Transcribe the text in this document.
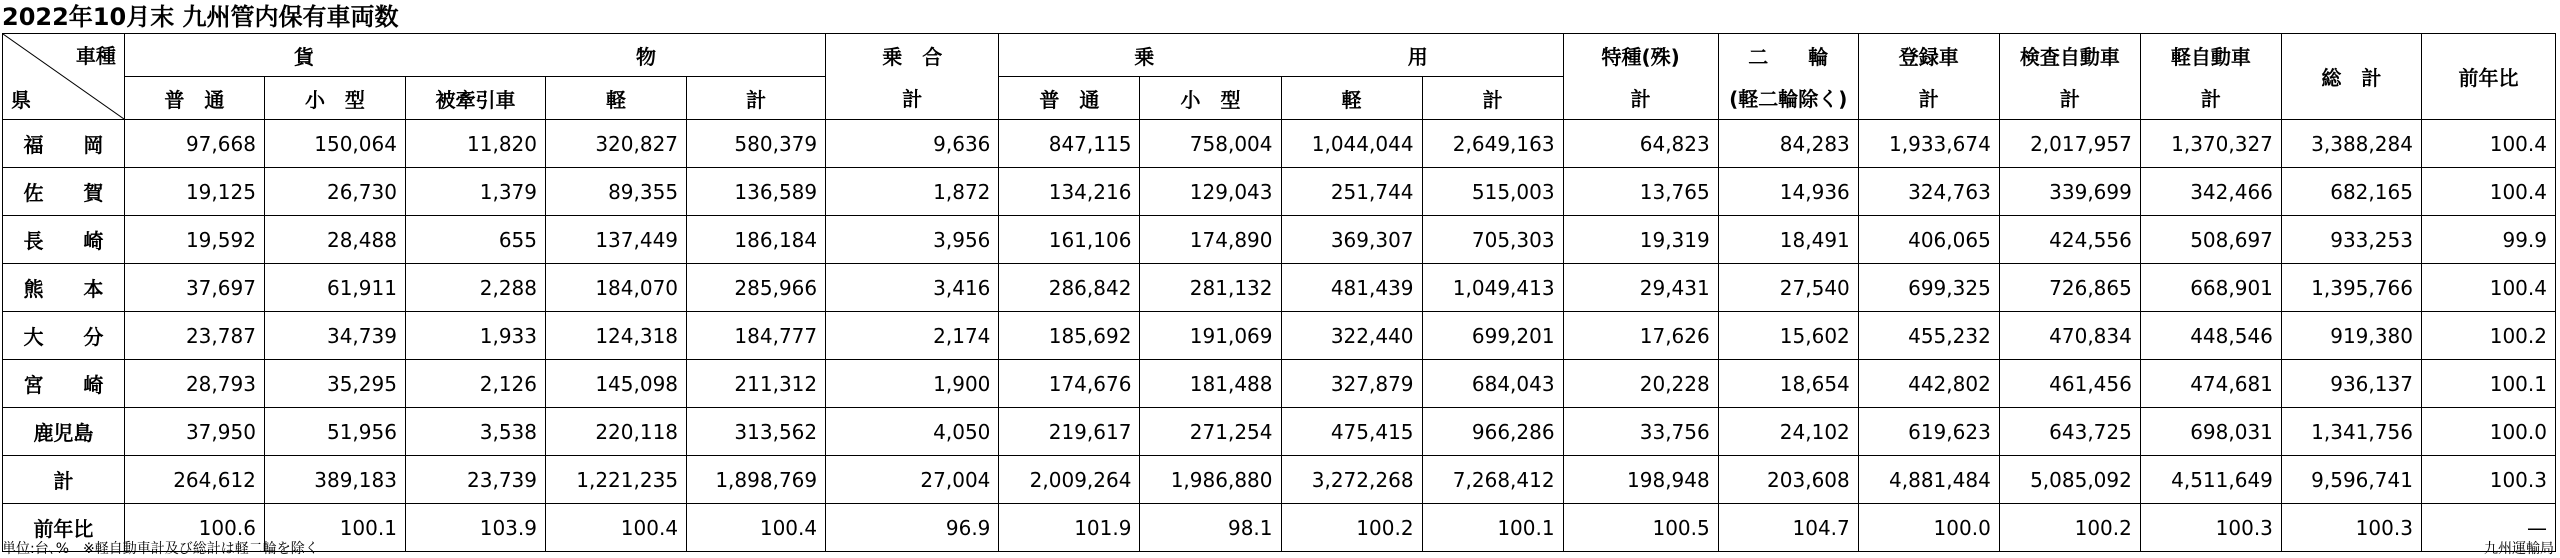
2022年10月末 九州管内保有車両数
車種
県	貨 物					乗　合	乗 用				特種(殊)	二　　輪	登録車	検査自動車	軽自動車	総　計	前年比
	普　通	小　型	被牽引車	軽	計	計	普　通	小　型	軽	計	計	(軽二輪除く)	計	計	計		
福　　岡	97,668	150,064	11,820	320,827	580,379	9,636	847,115	758,004	1,044,044	2,649,163	64,823	84,283	1,933,674	2,017,957	1,370,327	3,388,284	100.4
佐　　賀	19,125	26,730	1,379	89,355	136,589	1,872	134,216	129,043	251,744	515,003	13,765	14,936	324,763	339,699	342,466	682,165	100.4
長　　崎	19,592	28,488	655	137,449	186,184	3,956	161,106	174,890	369,307	705,303	19,319	18,491	406,065	424,556	508,697	933,253	99.9
熊　　本	37,697	61,911	2,288	184,070	285,966	3,416	286,842	281,132	481,439	1,049,413	29,431	27,540	699,325	726,865	668,901	1,395,766	100.4
大　　分	23,787	34,739	1,933	124,318	184,777	2,174	185,692	191,069	322,440	699,201	17,626	15,602	455,232	470,834	448,546	919,380	100.2
宮　　崎	28,793	35,295	2,126	145,098	211,312	1,900	174,676	181,488	327,879	684,043	20,228	18,654	442,802	461,456	474,681	936,137	100.1
鹿児島	37,950	51,956	3,538	220,118	313,562	4,050	219,617	271,254	475,415	966,286	33,756	24,102	619,623	643,725	698,031	1,341,756	100.0
計	264,612	389,183	23,739	1,221,235	1,898,769	27,004	2,009,264	1,986,880	3,272,268	7,268,412	198,948	203,608	4,881,484	5,085,092	4,511,649	9,596,741	100.3
前年比	100.6	100.1	103.9	100.4	100.4	96.9	101.9	98.1	100.2	100.1	100.5	104.7	100.0	100.2	100.3	100.3	—
単位:台､%　※軽自動車計及び総計は軽二輪を除く	九州運輸局
